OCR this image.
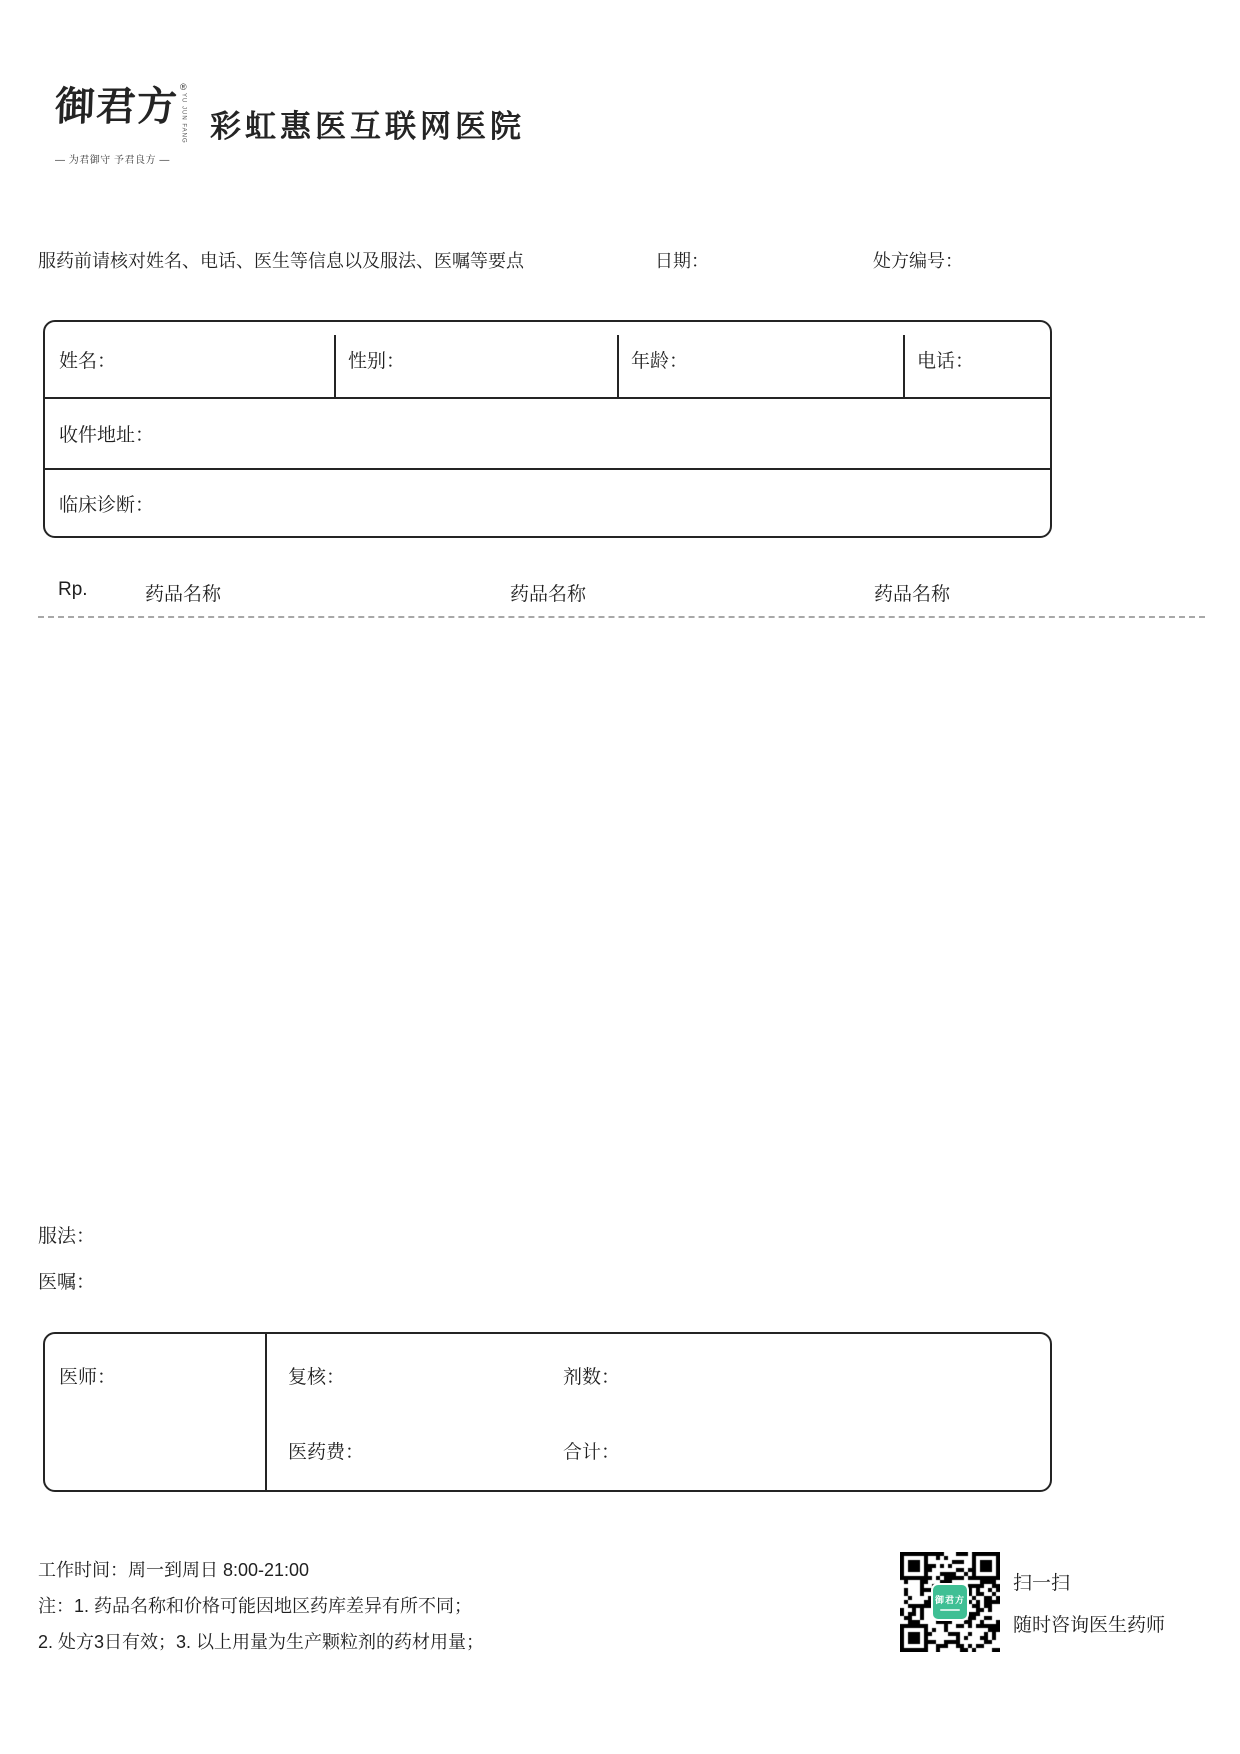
御君方 ®
YU JUN FANG
— 为君御守 予君良方 —
彩虹惠医互联网医院
服药前请核对姓名、电话、医生等信息以及服法、医嘱等要点	日期：	处方编号：
姓名：	性别：	年龄：	电话：
收件地址：
临床诊断：
Rp.	药品名称	药品名称	药品名称
服法：
医嘱：
医师：	复核：	剂数：
医药费：	合计：
工作时间：周一到周日 8:00-21:00
注：1. 药品名称和价格可能因地区药库差异有所不同；
2. 处方3日有效；3. 以上用量为生产颗粒剂的药材用量；
御君方
扫一扫
随时咨询医生药师
